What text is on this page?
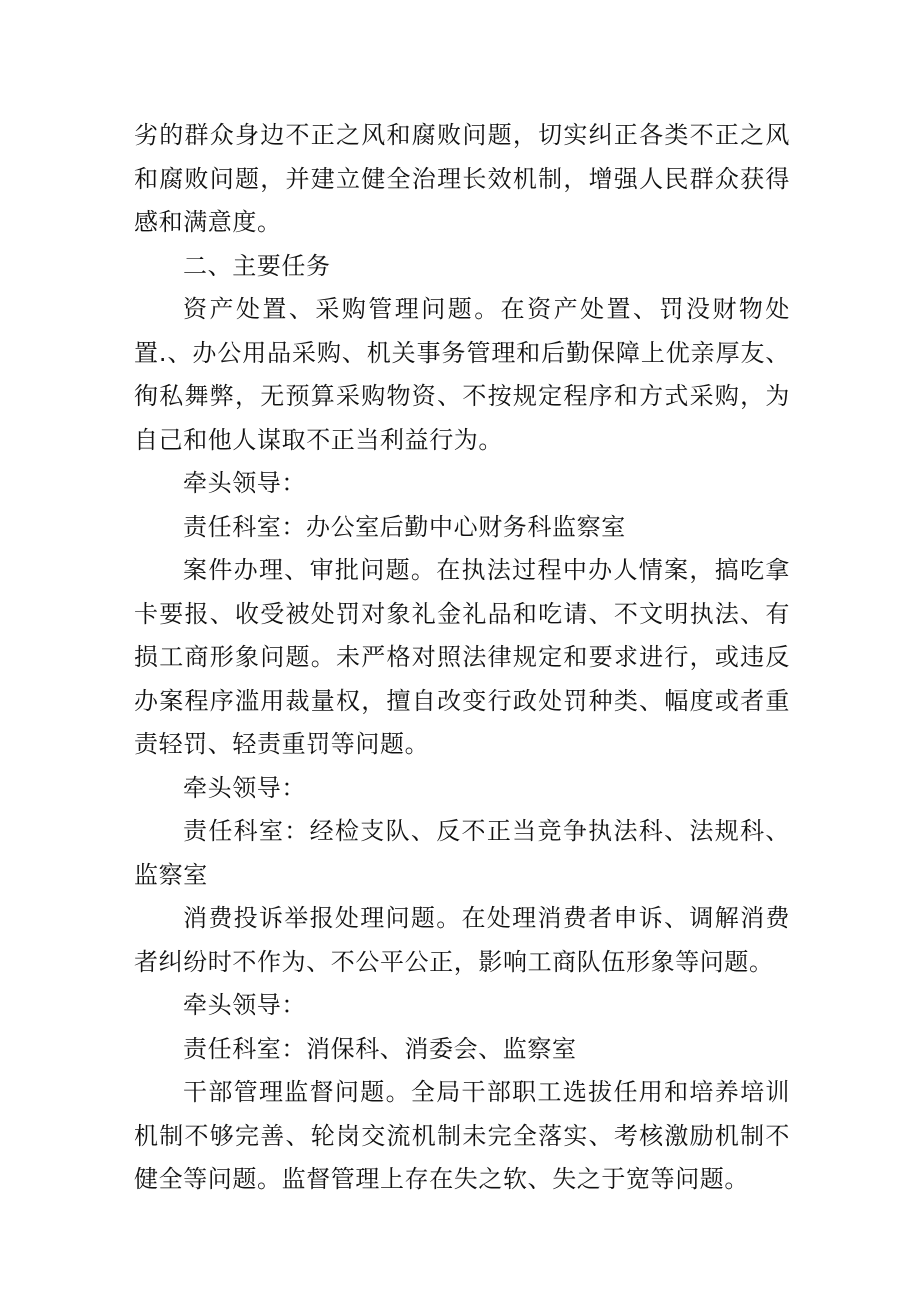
劣的群众身边不正之风和腐败问题，切实纠正各类不正之风和腐败问题，并建立健全治理长效机制，增强人民群众获得感和满意度。

二、主要任务

资产处置、采购管理问题。在资产处置、罚没财物处置.、办公用品采购、机关事务管理和后勤保障上优亲厚友、徇私舞弊，无预算采购物资、不按规定程序和方式采购，为自己和他人谋取不正当利益行为。

牵头领导：

责任科室：办公室后勤中心财务科监察室

案件办理、审批问题。在执法过程中办人情案，搞吃拿卡要报、收受被处罚对象礼金礼品和吃请、不文明执法、有损工商形象问题。未严格对照法律规定和要求进行，或违反办案程序滥用裁量权，擅自改变行政处罚种类、幅度或者重责轻罚、轻责重罚等问题。

牵头领导：

责任科室：经检支队、反不正当竞争执法科、法规科、监察室

消费投诉举报处理问题。在处理消费者申诉、调解消费者纠纷时不作为、不公平公正，影响工商队伍形象等问题。

牵头领导：

责任科室：消保科、消委会、监察室

干部管理监督问题。全局干部职工选拔任用和培养培训机制不够完善、轮岗交流机制未完全落实、考核激励机制不健全等问题。监督管理上存在失之软、失之于宽等问题。
